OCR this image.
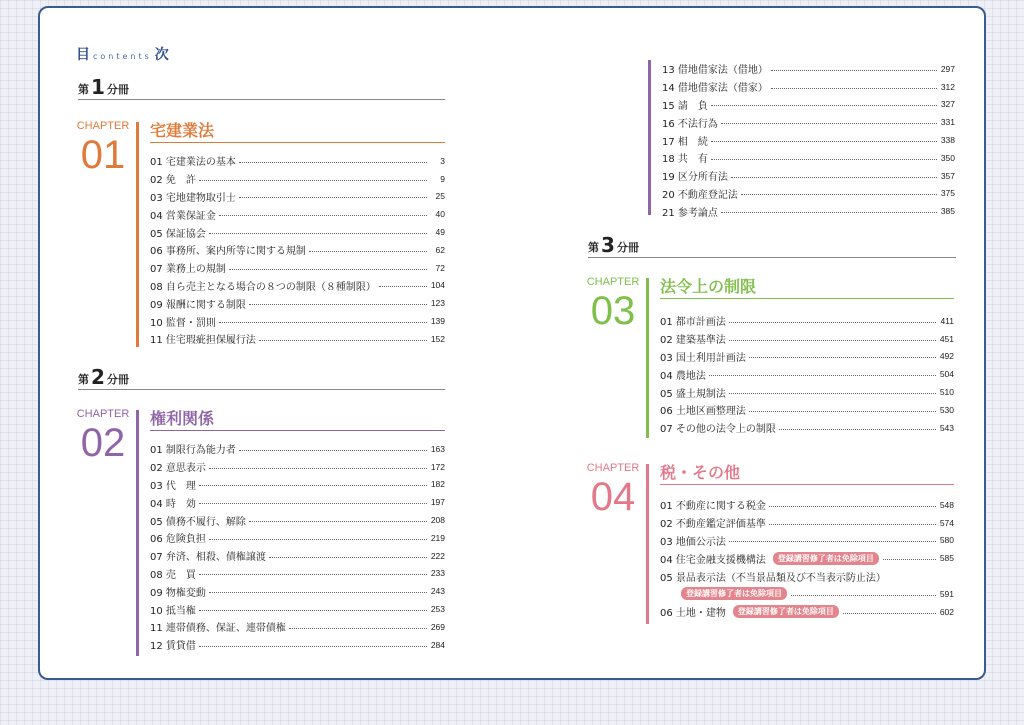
目 contents 次
第 1 分冊
第 2 分冊
第 3 分冊
CHAPTER
01
宅建業法
01 宅建業法の基本	3
02 免　許	9
03 宅地建物取引士	25
04 営業保証金	40
05 保証協会	49
06 事務所、案内所等に関する規制	62
07 業務上の規制	72
08 自ら売主となる場合の８つの制限（８種制限）	104
09 報酬に関する制限	123
10 監督・罰則	139
11 住宅瑕疵担保履行法	152
CHAPTER
02
権利関係
01 制限行為能力者	163
02 意思表示	172
03 代　理	182
04 時　効	197
05 債務不履行、解除	208
06 危険負担	219
07 弁済、相殺、債権譲渡	222
08 売　買	233
09 物権変動	243
10 抵当権	253
11 連帯債務、保証、連帯債権	269
12 賃貸借	284
13 借地借家法（借地）	297
14 借地借家法（借家）	312
15 請　負	327
16 不法行為	331
17 相　続	338
18 共　有	350
19 区分所有法	357
20 不動産登記法	375
21 参考論点	385
CHAPTER
03
法令上の制限
01 都市計画法	411
02 建築基準法	451
03 国土利用計画法	492
04 農地法	504
05 盛土規制法	510
06 土地区画整理法	530
07 その他の法令上の制限	543
CHAPTER
04
税・その他
01 不動産に関する税金	548
02 不動産鑑定評価基準	574
03 地価公示法	580
04 住宅金融支援機構法	登録講習修了者は免除項目	585
05 景品表示法（不当景品類及び不当表示防止法）
登録講習修了者は免除項目	591
06 土地・建物	登録講習修了者は免除項目	602
